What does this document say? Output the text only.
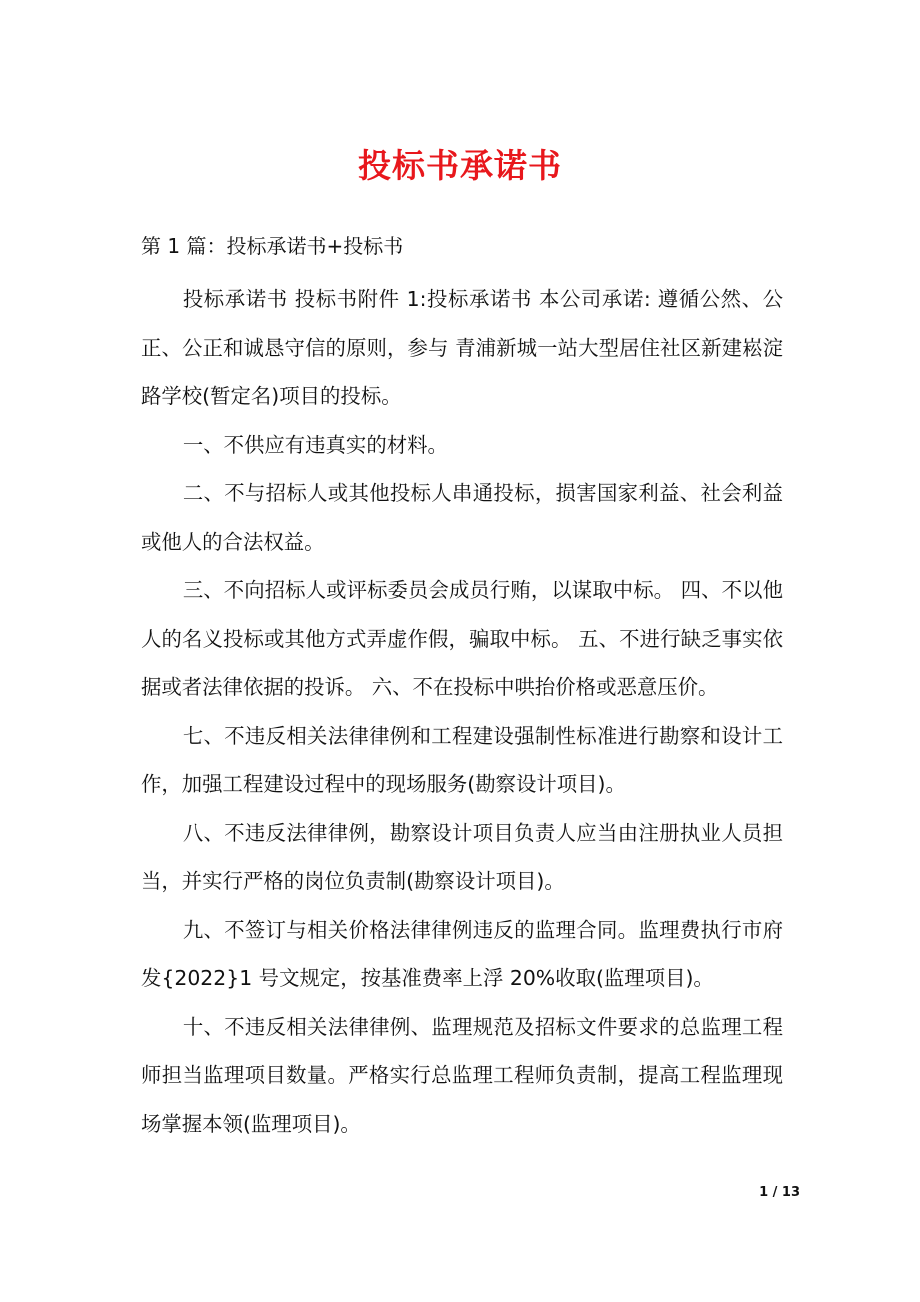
投标书承诺书

第 1 篇：投标承诺书+投标书

投标承诺书 投标书附件 1:投标承诺书 本公司承诺: 遵循公然、公正、公正和诚恳守信的原则，参与 青浦新城一站大型居住社区新建崧淀路学校(暂定名)项目的投标。

一、不供应有违真实的材料。

二、不与招标人或其他投标人串通投标，损害国家利益、社会利益或他人的合法权益。

三、不向招标人或评标委员会成员行贿，以谋取中标。 四、不以他人的名义投标或其他方式弄虚作假，骗取中标。 五、不进行缺乏事实依据或者法律依据的投诉。 六、不在投标中哄抬价格或恶意压价。

七、不违反相关法律律例和工程建设强制性标准进行勘察和设计工作，加强工程建设过程中的现场服务(勘察设计项目)。

八、不违反法律律例，勘察设计项目负责人应当由注册执业人员担当，并实行严格的岗位负责制(勘察设计项目)。

九、不签订与相关价格法律律例违反的监理合同。监理费执行市府发{2022}1 号文规定，按基准费率上浮 20%收取(监理项目)。

十、不违反相关法律律例、监理规范及招标文件要求的总监理工程师担当监理项目数量。严格实行总监理工程师负责制，提高工程监理现场掌握本领(监理项目)。

1 / 13
